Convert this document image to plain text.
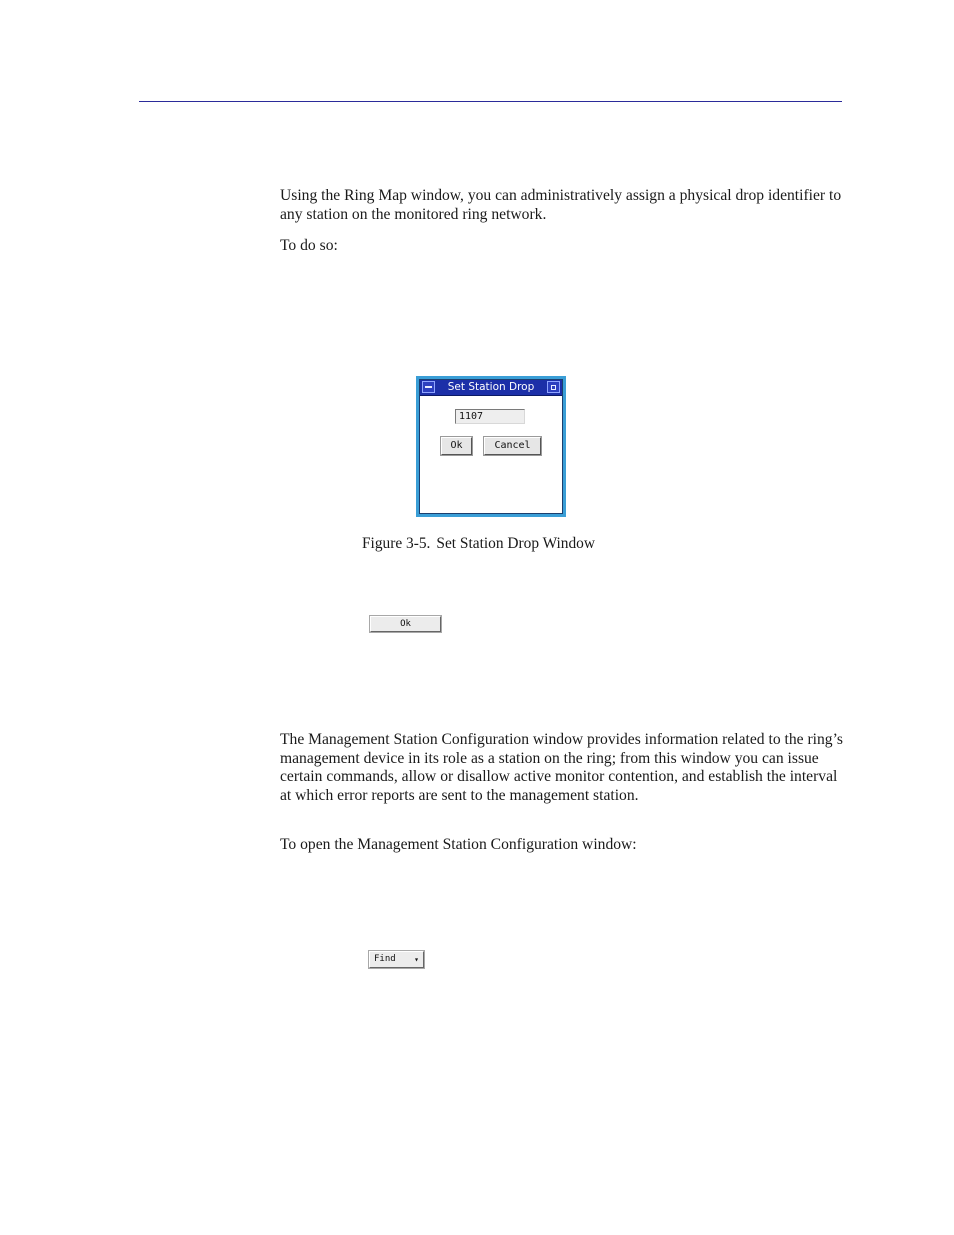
Using the Ring Map window, you can administratively assign a physical drop identifier to any station on the monitored ring network.

To do so:

Set Station Drop
1107
Ok	Cancel
Figure 3-5. Set Station Drop Window
Ok

The Management Station Configuration window provides information related to the ring’s management device in its role as a station on the ring; from this window you can issue certain commands, allow or disallow active monitor contention, and establish the interval at which error reports are sent to the management station.

To open the Management Station Configuration window:

Find ▾
